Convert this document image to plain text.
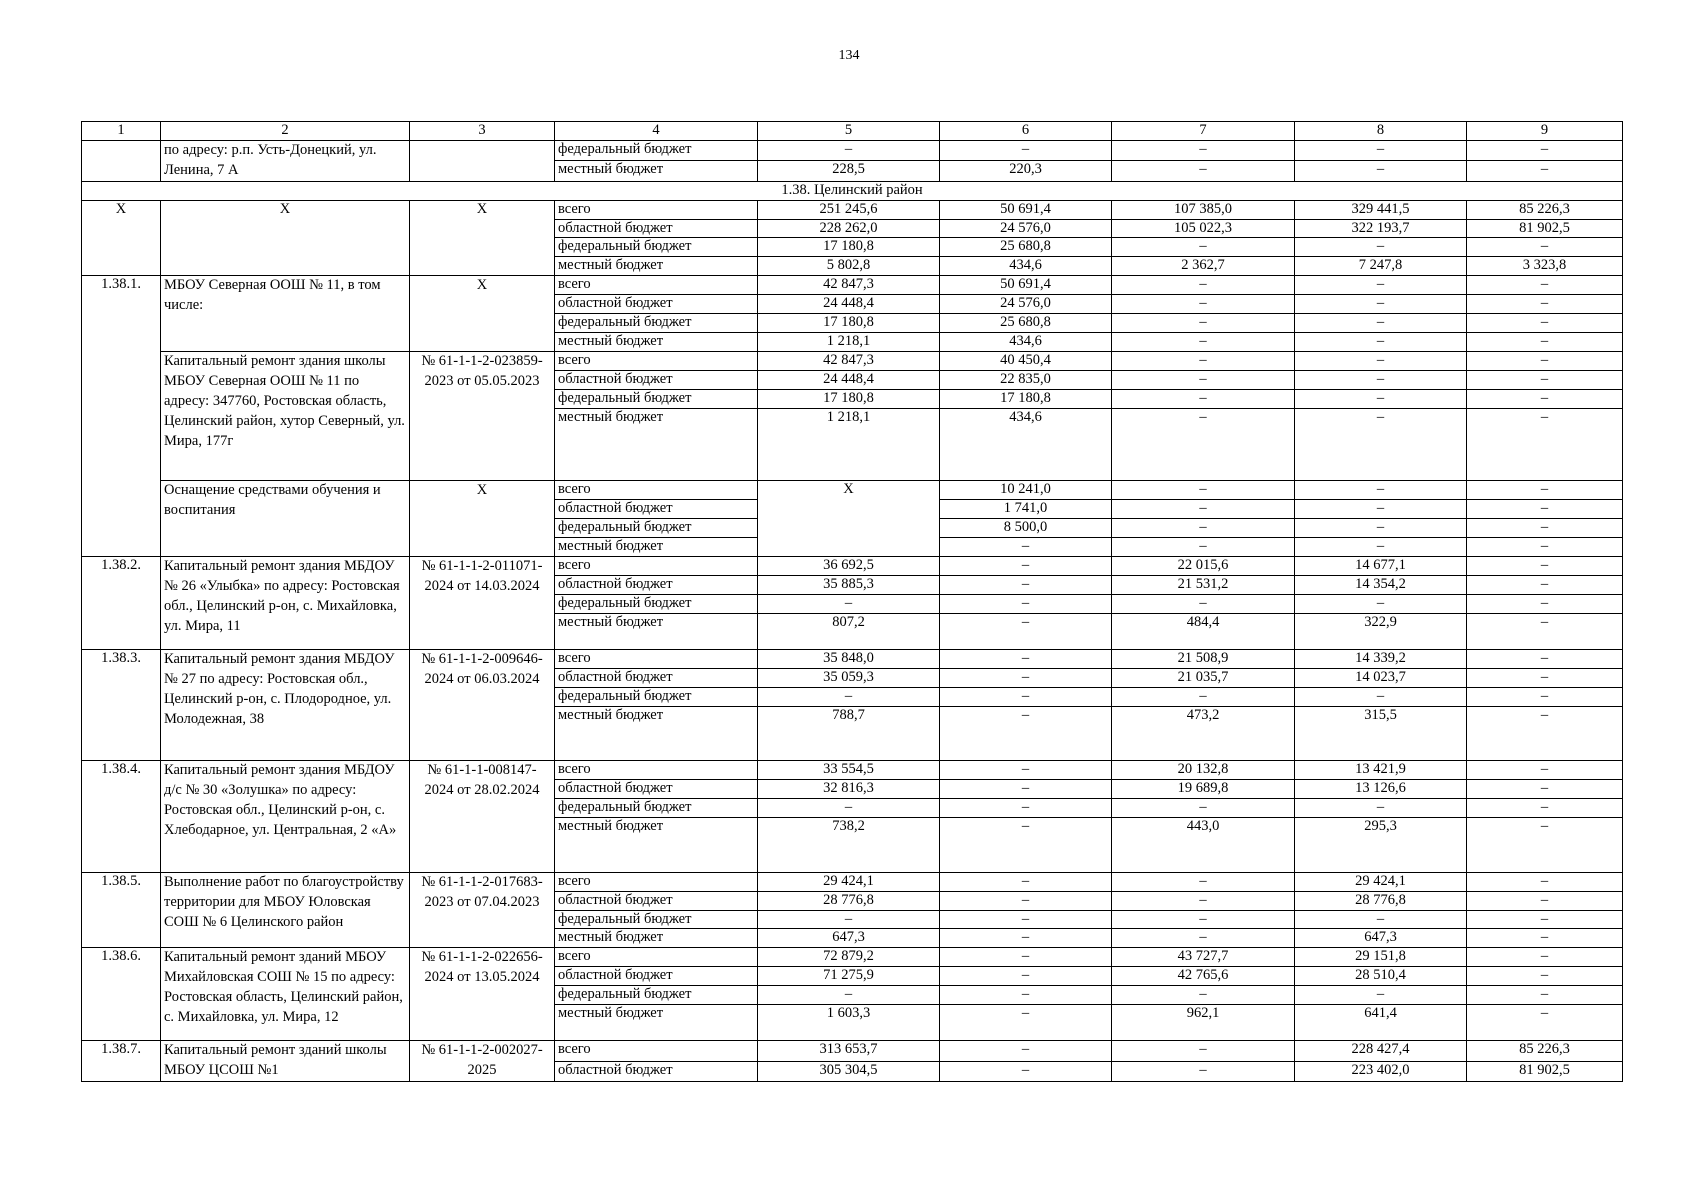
134
1	2	3	4	5	6	7	8	9
	по адресу: р.п. Усть-Донецкий, ул. Ленина, 7 А		федеральный бюджет	–	–	–	–	–
			местный бюджет	228,5	220,3	–	–	–
1.38. Целинский район								
Х	Х	Х	всего	251 245,6	50 691,4	107 385,0	329 441,5	85 226,3
			областной бюджет	228 262,0	24 576,0	105 022,3	322 193,7	81 902,5
			федеральный бюджет	17 180,8	25 680,8	–	–	–
			местный бюджет	5 802,8	434,6	2 362,7	7 247,8	3 323,8
1.38.1.	МБОУ Северная ООШ № 11, в том числе:	Х	всего	42 847,3	50 691,4	–	–	–
			областной бюджет	24 448,4	24 576,0	–	–	–
			федеральный бюджет	17 180,8	25 680,8	–	–	–
			местный бюджет	1 218,1	434,6	–	–	–
	Капитальный ремонт здания школы МБОУ Северная ООШ № 11 по адресу: 347760, Ростовская область, Целинский район, хутор Северный, ул. Мира, 177г	№ 61-1-1-2-023859-2023 от 05.05.2023	всего	42 847,3	40 450,4	–	–	–
			областной бюджет	24 448,4	22 835,0	–	–	–
			федеральный бюджет	17 180,8	17 180,8	–	–	–
			местный бюджет	1 218,1	434,6	–	–	–
	Оснащение средствами обучения и воспитания	Х	всего	Х	10 241,0	–	–	–
			областной бюджет		1 741,0	–	–	–
			федеральный бюджет		8 500,0	–	–	–
			местный бюджет		–	–	–	–
1.38.2.	Капитальный ремонт здания МБДОУ № 26 «Улыбка» по адресу: Ростовская обл., Целинский р-он, с. Михайловка, ул. Мира, 11	№ 61-1-1-2-011071-2024 от 14.03.2024	всего	36 692,5	–	22 015,6	14 677,1	–
			областной бюджет	35 885,3	–	21 531,2	14 354,2	–
			федеральный бюджет	–	–	–	–	–
			местный бюджет	807,2	–	484,4	322,9	–
1.38.3.	Капитальный ремонт здания МБДОУ № 27 по адресу: Ростовская обл., Целинский р-он, с. Плодородное, ул. Молодежная, 38	№ 61-1-1-2-009646-2024 от 06.03.2024	всего	35 848,0	–	21 508,9	14 339,2	–
			областной бюджет	35 059,3	–	21 035,7	14 023,7	–
			федеральный бюджет	–	–	–	–	–
			местный бюджет	788,7	–	473,2	315,5	–
1.38.4.	Капитальный ремонт здания МБДОУ д/с № 30 «Золушка» по адресу: Ростовская обл., Целинский р-он, с. Хлебодарное, ул. Центральная, 2 «А»	№ 61-1-1-008147-2024 от 28.02.2024	всего	33 554,5	–	20 132,8	13 421,9	–
			областной бюджет	32 816,3	–	19 689,8	13 126,6	–
			федеральный бюджет	–	–	–	–	–
			местный бюджет	738,2	–	443,0	295,3	–
1.38.5.	Выполнение работ по благоустройству территории для МБОУ Юловская СОШ № 6 Целинского район	№ 61-1-1-2-017683-2023 от 07.04.2023	всего	29 424,1	–	–	29 424,1	–
			областной бюджет	28 776,8	–	–	28 776,8	–
			федеральный бюджет	–	–	–	–	–
			местный бюджет	647,3	–	–	647,3	–
1.38.6.	Капитальный ремонт зданий МБОУ Михайловская СОШ № 15 по адресу: Ростовская область, Целинский район, с. Михайловка, ул. Мира, 12	№ 61-1-1-2-022656-2024 от 13.05.2024	всего	72 879,2	–	43 727,7	29 151,8	–
			областной бюджет	71 275,9	–	42 765,6	28 510,4	–
			федеральный бюджет	–	–	–	–	–
			местный бюджет	1 603,3	–	962,1	641,4	–
1.38.7.	Капитальный ремонт зданий школы МБОУ ЦСОШ №1	№ 61-1-1-2-002027-2025	всего	313 653,7	–	–	228 427,4	85 226,3
			областной бюджет	305 304,5	–	–	223 402,0	81 902,5
